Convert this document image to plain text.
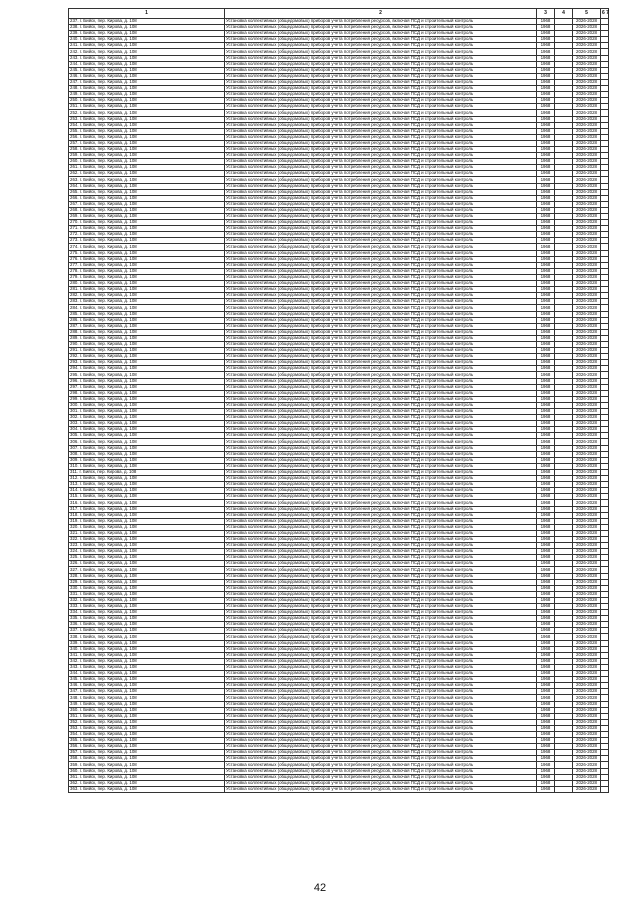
1	2	3	4	5	6 7
237. г. Бийск, пер. Кирова, д. 108	Установка коллективных (общедомовых) приборов учета потребления ресурсов, включая ПСД и строительный контроль	1968		2026-2028	
238. г. Бийск, пер. Кирова, д. 108	Установка коллективных (общедомовых) приборов учета потребления ресурсов, включая ПСД и строительный контроль	1968		2026-2028	
239. г. Бийск, пер. Кирова, д. 108	Установка коллективных (общедомовых) приборов учета потребления ресурсов, включая ПСД и строительный контроль	1968		2026-2028	
240. г. Бийск, пер. Кирова, д. 108	Установка коллективных (общедомовых) приборов учета потребления ресурсов, включая ПСД и строительный контроль	1968		2026-2028	
241. г. Бийск, пер. Кирова, д. 108	Установка коллективных (общедомовых) приборов учета потребления ресурсов, включая ПСД и строительный контроль	1968		2026-2028	
242. г. Бийск, пер. Кирова, д. 108	Установка коллективных (общедомовых) приборов учета потребления ресурсов, включая ПСД и строительный контроль	1968		2026-2028	
243. г. Бийск, пер. Кирова, д. 108	Установка коллективных (общедомовых) приборов учета потребления ресурсов, включая ПСД и строительный контроль	1968		2026-2028	
244. г. Бийск, пер. Кирова, д. 108	Установка коллективных (общедомовых) приборов учета потребления ресурсов, включая ПСД и строительный контроль	1968		2026-2028	
245. г. Бийск, пер. Кирова, д. 108	Установка коллективных (общедомовых) приборов учета потребления ресурсов, включая ПСД и строительный контроль	1968		2026-2028	
246. г. Бийск, пер. Кирова, д. 108	Установка коллективных (общедомовых) приборов учета потребления ресурсов, включая ПСД и строительный контроль	1968		2026-2028	
247. г. Бийск, пер. Кирова, д. 108	Установка коллективных (общедомовых) приборов учета потребления ресурсов, включая ПСД и строительный контроль	1968		2026-2028	
248. г. Бийск, пер. Кирова, д. 108	Установка коллективных (общедомовых) приборов учета потребления ресурсов, включая ПСД и строительный контроль	1968		2026-2028	
249. г. Бийск, пер. Кирова, д. 108	Установка коллективных (общедомовых) приборов учета потребления ресурсов, включая ПСД и строительный контроль	1968		2026-2028	
250. г. Бийск, пер. Кирова, д. 108	Установка коллективных (общедомовых) приборов учета потребления ресурсов, включая ПСД и строительный контроль	1968		2026-2028	
251. г. Бийск, пер. Кирова, д. 108	Установка коллективных (общедомовых) приборов учета потребления ресурсов, включая ПСД и строительный контроль	1968		2026-2028	
252. г. Бийск, пер. Кирова, д. 108	Установка коллективных (общедомовых) приборов учета потребления ресурсов, включая ПСД и строительный контроль	1968		2026-2028	
253. г. Бийск, пер. Кирова, д. 108	Установка коллективных (общедомовых) приборов учета потребления ресурсов, включая ПСД и строительный контроль	1968		2026-2028	
254. г. Бийск, пер. Кирова, д. 108	Установка коллективных (общедомовых) приборов учета потребления ресурсов, включая ПСД и строительный контроль	1968		2026-2028	
255. г. Бийск, пер. Кирова, д. 108	Установка коллективных (общедомовых) приборов учета потребления ресурсов, включая ПСД и строительный контроль	1968		2026-2028	
256. г. Бийск, пер. Кирова, д. 108	Установка коллективных (общедомовых) приборов учета потребления ресурсов, включая ПСД и строительный контроль	1968		2026-2028	
257. г. Бийск, пер. Кирова, д. 108	Установка коллективных (общедомовых) приборов учета потребления ресурсов, включая ПСД и строительный контроль	1968		2026-2028	
258. г. Бийск, пер. Кирова, д. 108	Установка коллективных (общедомовых) приборов учета потребления ресурсов, включая ПСД и строительный контроль	1968		2026-2028	
259. г. Бийск, пер. Кирова, д. 108	Установка коллективных (общедомовых) приборов учета потребления ресурсов, включая ПСД и строительный контроль	1968		2026-2028	
260. г. Бийск, пер. Кирова, д. 108	Установка коллективных (общедомовых) приборов учета потребления ресурсов, включая ПСД и строительный контроль	1968		2026-2028	
261. г. Бийск, пер. Кирова, д. 108	Установка коллективных (общедомовых) приборов учета потребления ресурсов, включая ПСД и строительный контроль	1968		2026-2028	
262. г. Бийск, пер. Кирова, д. 108	Установка коллективных (общедомовых) приборов учета потребления ресурсов, включая ПСД и строительный контроль	1968		2026-2028	
263. г. Бийск, пер. Кирова, д. 108	Установка коллективных (общедомовых) приборов учета потребления ресурсов, включая ПСД и строительный контроль	1968		2026-2028	
264. г. Бийск, пер. Кирова, д. 108	Установка коллективных (общедомовых) приборов учета потребления ресурсов, включая ПСД и строительный контроль	1968		2026-2028	
265. г. Бийск, пер. Кирова, д. 108	Установка коллективных (общедомовых) приборов учета потребления ресурсов, включая ПСД и строительный контроль	1968		2026-2028	
266. г. Бийск, пер. Кирова, д. 108	Установка коллективных (общедомовых) приборов учета потребления ресурсов, включая ПСД и строительный контроль	1968		2026-2028	
267. г. Бийск, пер. Кирова, д. 108	Установка коллективных (общедомовых) приборов учета потребления ресурсов, включая ПСД и строительный контроль	1968		2026-2028	
268. г. Бийск, пер. Кирова, д. 108	Установка коллективных (общедомовых) приборов учета потребления ресурсов, включая ПСД и строительный контроль	1968		2026-2028	
269. г. Бийск, пер. Кирова, д. 108	Установка коллективных (общедомовых) приборов учета потребления ресурсов, включая ПСД и строительный контроль	1968		2026-2028	
270. г. Бийск, пер. Кирова, д. 108	Установка коллективных (общедомовых) приборов учета потребления ресурсов, включая ПСД и строительный контроль	1968		2026-2028	
271. г. Бийск, пер. Кирова, д. 108	Установка коллективных (общедомовых) приборов учета потребления ресурсов, включая ПСД и строительный контроль	1968		2026-2028	
272. г. Бийск, пер. Кирова, д. 108	Установка коллективных (общедомовых) приборов учета потребления ресурсов, включая ПСД и строительный контроль	1968		2026-2028	
273. г. Бийск, пер. Кирова, д. 108	Установка коллективных (общедомовых) приборов учета потребления ресурсов, включая ПСД и строительный контроль	1968		2026-2028	
274. г. Бийск, пер. Кирова, д. 108	Установка коллективных (общедомовых) приборов учета потребления ресурсов, включая ПСД и строительный контроль	1968		2026-2028	
275. г. Бийск, пер. Кирова, д. 108	Установка коллективных (общедомовых) приборов учета потребления ресурсов, включая ПСД и строительный контроль	1968		2026-2028	
276. г. Бийск, пер. Кирова, д. 108	Установка коллективных (общедомовых) приборов учета потребления ресурсов, включая ПСД и строительный контроль	1968		2026-2028	
277. г. Бийск, пер. Кирова, д. 108	Установка коллективных (общедомовых) приборов учета потребления ресурсов, включая ПСД и строительный контроль	1968		2026-2028	
278. г. Бийск, пер. Кирова, д. 108	Установка коллективных (общедомовых) приборов учета потребления ресурсов, включая ПСД и строительный контроль	1968		2026-2028	
279. г. Бийск, пер. Кирова, д. 108	Установка коллективных (общедомовых) приборов учета потребления ресурсов, включая ПСД и строительный контроль	1968		2026-2028	
280. г. Бийск, пер. Кирова, д. 108	Установка коллективных (общедомовых) приборов учета потребления ресурсов, включая ПСД и строительный контроль	1968		2026-2028	
281. г. Бийск, пер. Кирова, д. 108	Установка коллективных (общедомовых) приборов учета потребления ресурсов, включая ПСД и строительный контроль	1968		2026-2028	
282. г. Бийск, пер. Кирова, д. 108	Установка коллективных (общедомовых) приборов учета потребления ресурсов, включая ПСД и строительный контроль	1968		2026-2028	
283. г. Бийск, пер. Кирова, д. 108	Установка коллективных (общедомовых) приборов учета потребления ресурсов, включая ПСД и строительный контроль	1968		2026-2028	
284. г. Бийск, пер. Кирова, д. 108	Установка коллективных (общедомовых) приборов учета потребления ресурсов, включая ПСД и строительный контроль	1968		2026-2028	
285. г. Бийск, пер. Кирова, д. 108	Установка коллективных (общедомовых) приборов учета потребления ресурсов, включая ПСД и строительный контроль	1968		2026-2028	
286. г. Бийск, пер. Кирова, д. 108	Установка коллективных (общедомовых) приборов учета потребления ресурсов, включая ПСД и строительный контроль	1968		2026-2028	
287. г. Бийск, пер. Кирова, д. 108	Установка коллективных (общедомовых) приборов учета потребления ресурсов, включая ПСД и строительный контроль	1968		2026-2028	
288. г. Бийск, пер. Кирова, д. 108	Установка коллективных (общедомовых) приборов учета потребления ресурсов, включая ПСД и строительный контроль	1968		2026-2028	
289. г. Бийск, пер. Кирова, д. 108	Установка коллективных (общедомовых) приборов учета потребления ресурсов, включая ПСД и строительный контроль	1968		2026-2028	
290. г. Бийск, пер. Кирова, д. 108	Установка коллективных (общедомовых) приборов учета потребления ресурсов, включая ПСД и строительный контроль	1968		2026-2028	
291. г. Бийск, пер. Кирова, д. 108	Установка коллективных (общедомовых) приборов учета потребления ресурсов, включая ПСД и строительный контроль	1968		2026-2028	
292. г. Бийск, пер. Кирова, д. 108	Установка коллективных (общедомовых) приборов учета потребления ресурсов, включая ПСД и строительный контроль	1968		2026-2028	
293. г. Бийск, пер. Кирова, д. 108	Установка коллективных (общедомовых) приборов учета потребления ресурсов, включая ПСД и строительный контроль	1968		2026-2028	
294. г. Бийск, пер. Кирова, д. 108	Установка коллективных (общедомовых) приборов учета потребления ресурсов, включая ПСД и строительный контроль	1968		2026-2028	
295. г. Бийск, пер. Кирова, д. 108	Установка коллективных (общедомовых) приборов учета потребления ресурсов, включая ПСД и строительный контроль	1968		2026-2028	
296. г. Бийск, пер. Кирова, д. 108	Установка коллективных (общедомовых) приборов учета потребления ресурсов, включая ПСД и строительный контроль	1968		2026-2028	
297. г. Бийск, пер. Кирова, д. 108	Установка коллективных (общедомовых) приборов учета потребления ресурсов, включая ПСД и строительный контроль	1968		2026-2028	
298. г. Бийск, пер. Кирова, д. 108	Установка коллективных (общедомовых) приборов учета потребления ресурсов, включая ПСД и строительный контроль	1968		2026-2028	
299. г. Бийск, пер. Кирова, д. 108	Установка коллективных (общедомовых) приборов учета потребления ресурсов, включая ПСД и строительный контроль	1968		2026-2028	
300. г. Бийск, пер. Кирова, д. 108	Установка коллективных (общедомовых) приборов учета потребления ресурсов, включая ПСД и строительный контроль	1968		2026-2028	
301. г. Бийск, пер. Кирова, д. 108	Установка коллективных (общедомовых) приборов учета потребления ресурсов, включая ПСД и строительный контроль	1968		2026-2028	
302. г. Бийск, пер. Кирова, д. 108	Установка коллективных (общедомовых) приборов учета потребления ресурсов, включая ПСД и строительный контроль	1968		2026-2028	
303. г. Бийск, пер. Кирова, д. 108	Установка коллективных (общедомовых) приборов учета потребления ресурсов, включая ПСД и строительный контроль	1968		2026-2028	
304. г. Бийск, пер. Кирова, д. 108	Установка коллективных (общедомовых) приборов учета потребления ресурсов, включая ПСД и строительный контроль	1968		2026-2028	
305. г. Бийск, пер. Кирова, д. 108	Установка коллективных (общедомовых) приборов учета потребления ресурсов, включая ПСД и строительный контроль	1968		2026-2028	
306. г. Бийск, пер. Кирова, д. 108	Установка коллективных (общедомовых) приборов учета потребления ресурсов, включая ПСД и строительный контроль	1968		2026-2028	
307. г. Бийск, пер. Кирова, д. 108	Установка коллективных (общедомовых) приборов учета потребления ресурсов, включая ПСД и строительный контроль	1968		2026-2028	
308. г. Бийск, пер. Кирова, д. 108	Установка коллективных (общедомовых) приборов учета потребления ресурсов, включая ПСД и строительный контроль	1968		2026-2028	
309. г. Бийск, пер. Кирова, д. 108	Установка коллективных (общедомовых) приборов учета потребления ресурсов, включая ПСД и строительный контроль	1968		2026-2028	
310. г. Бийск, пер. Кирова, д. 108	Установка коллективных (общедомовых) приборов учета потребления ресурсов, включая ПСД и строительный контроль	1968		2026-2028	
311. г. Бийск, пер. Кирова, д. 108	Установка коллективных (общедомовых) приборов учета потребления ресурсов, включая ПСД и строительный контроль	1968		2026-2028	
312. г. Бийск, пер. Кирова, д. 108	Установка коллективных (общедомовых) приборов учета потребления ресурсов, включая ПСД и строительный контроль	1968		2026-2028	
313. г. Бийск, пер. Кирова, д. 108	Установка коллективных (общедомовых) приборов учета потребления ресурсов, включая ПСД и строительный контроль	1968		2026-2028	
314. г. Бийск, пер. Кирова, д. 108	Установка коллективных (общедомовых) приборов учета потребления ресурсов, включая ПСД и строительный контроль	1968		2026-2028	
315. г. Бийск, пер. Кирова, д. 108	Установка коллективных (общедомовых) приборов учета потребления ресурсов, включая ПСД и строительный контроль	1968		2026-2028	
316. г. Бийск, пер. Кирова, д. 108	Установка коллективных (общедомовых) приборов учета потребления ресурсов, включая ПСД и строительный контроль	1968		2026-2028	
317. г. Бийск, пер. Кирова, д. 108	Установка коллективных (общедомовых) приборов учета потребления ресурсов, включая ПСД и строительный контроль	1968		2026-2028	
318. г. Бийск, пер. Кирова, д. 108	Установка коллективных (общедомовых) приборов учета потребления ресурсов, включая ПСД и строительный контроль	1968		2026-2028	
319. г. Бийск, пер. Кирова, д. 108	Установка коллективных (общедомовых) приборов учета потребления ресурсов, включая ПСД и строительный контроль	1968		2026-2028	
320. г. Бийск, пер. Кирова, д. 108	Установка коллективных (общедомовых) приборов учета потребления ресурсов, включая ПСД и строительный контроль	1968		2026-2028	
321. г. Бийск, пер. Кирова, д. 108	Установка коллективных (общедомовых) приборов учета потребления ресурсов, включая ПСД и строительный контроль	1968		2026-2028	
322. г. Бийск, пер. Кирова, д. 108	Установка коллективных (общедомовых) приборов учета потребления ресурсов, включая ПСД и строительный контроль	1968		2026-2028	
323. г. Бийск, пер. Кирова, д. 108	Установка коллективных (общедомовых) приборов учета потребления ресурсов, включая ПСД и строительный контроль	1968		2026-2028	
324. г. Бийск, пер. Кирова, д. 108	Установка коллективных (общедомовых) приборов учета потребления ресурсов, включая ПСД и строительный контроль	1968		2026-2028	
325. г. Бийск, пер. Кирова, д. 108	Установка коллективных (общедомовых) приборов учета потребления ресурсов, включая ПСД и строительный контроль	1968		2026-2028	
326. г. Бийск, пер. Кирова, д. 108	Установка коллективных (общедомовых) приборов учета потребления ресурсов, включая ПСД и строительный контроль	1968		2026-2028	
327. г. Бийск, пер. Кирова, д. 108	Установка коллективных (общедомовых) приборов учета потребления ресурсов, включая ПСД и строительный контроль	1968		2026-2028	
328. г. Бийск, пер. Кирова, д. 108	Установка коллективных (общедомовых) приборов учета потребления ресурсов, включая ПСД и строительный контроль	1968		2026-2028	
329. г. Бийск, пер. Кирова, д. 108	Установка коллективных (общедомовых) приборов учета потребления ресурсов, включая ПСД и строительный контроль	1968		2026-2028	
330. г. Бийск, пер. Кирова, д. 108	Установка коллективных (общедомовых) приборов учета потребления ресурсов, включая ПСД и строительный контроль	1968		2026-2028	
331. г. Бийск, пер. Кирова, д. 108	Установка коллективных (общедомовых) приборов учета потребления ресурсов, включая ПСД и строительный контроль	1968		2026-2028	
332. г. Бийск, пер. Кирова, д. 108	Установка коллективных (общедомовых) приборов учета потребления ресурсов, включая ПСД и строительный контроль	1968		2026-2028	
333. г. Бийск, пер. Кирова, д. 108	Установка коллективных (общедомовых) приборов учета потребления ресурсов, включая ПСД и строительный контроль	1968		2026-2028	
334. г. Бийск, пер. Кирова, д. 108	Установка коллективных (общедомовых) приборов учета потребления ресурсов, включая ПСД и строительный контроль	1968		2026-2028	
335. г. Бийск, пер. Кирова, д. 108	Установка коллективных (общедомовых) приборов учета потребления ресурсов, включая ПСД и строительный контроль	1968		2026-2028	
336. г. Бийск, пер. Кирова, д. 108	Установка коллективных (общедомовых) приборов учета потребления ресурсов, включая ПСД и строительный контроль	1968		2026-2028	
337. г. Бийск, пер. Кирова, д. 108	Установка коллективных (общедомовых) приборов учета потребления ресурсов, включая ПСД и строительный контроль	1968		2026-2028	
338. г. Бийск, пер. Кирова, д. 108	Установка коллективных (общедомовых) приборов учета потребления ресурсов, включая ПСД и строительный контроль	1968		2026-2028	
339. г. Бийск, пер. Кирова, д. 108	Установка коллективных (общедомовых) приборов учета потребления ресурсов, включая ПСД и строительный контроль	1968		2026-2028	
340. г. Бийск, пер. Кирова, д. 108	Установка коллективных (общедомовых) приборов учета потребления ресурсов, включая ПСД и строительный контроль	1968		2026-2028	
341. г. Бийск, пер. Кирова, д. 108	Установка коллективных (общедомовых) приборов учета потребления ресурсов, включая ПСД и строительный контроль	1968		2026-2028	
342. г. Бийск, пер. Кирова, д. 108	Установка коллективных (общедомовых) приборов учета потребления ресурсов, включая ПСД и строительный контроль	1968		2026-2028	
343. г. Бийск, пер. Кирова, д. 108	Установка коллективных (общедомовых) приборов учета потребления ресурсов, включая ПСД и строительный контроль	1968		2026-2028	
344. г. Бийск, пер. Кирова, д. 108	Установка коллективных (общедомовых) приборов учета потребления ресурсов, включая ПСД и строительный контроль	1968		2026-2028	
345. г. Бийск, пер. Кирова, д. 108	Установка коллективных (общедомовых) приборов учета потребления ресурсов, включая ПСД и строительный контроль	1968		2026-2028	
346. г. Бийск, пер. Кирова, д. 108	Установка коллективных (общедомовых) приборов учета потребления ресурсов, включая ПСД и строительный контроль	1968		2026-2028	
347. г. Бийск, пер. Кирова, д. 108	Установка коллективных (общедомовых) приборов учета потребления ресурсов, включая ПСД и строительный контроль	1968		2026-2028	
348. г. Бийск, пер. Кирова, д. 108	Установка коллективных (общедомовых) приборов учета потребления ресурсов, включая ПСД и строительный контроль	1968		2026-2028	
349. г. Бийск, пер. Кирова, д. 108	Установка коллективных (общедомовых) приборов учета потребления ресурсов, включая ПСД и строительный контроль	1968		2026-2028	
350. г. Бийск, пер. Кирова, д. 108	Установка коллективных (общедомовых) приборов учета потребления ресурсов, включая ПСД и строительный контроль	1968		2026-2028	
351. г. Бийск, пер. Кирова, д. 108	Установка коллективных (общедомовых) приборов учета потребления ресурсов, включая ПСД и строительный контроль	1968		2026-2028	
352. г. Бийск, пер. Кирова, д. 108	Установка коллективных (общедомовых) приборов учета потребления ресурсов, включая ПСД и строительный контроль	1968		2026-2028	
353. г. Бийск, пер. Кирова, д. 108	Установка коллективных (общедомовых) приборов учета потребления ресурсов, включая ПСД и строительный контроль	1968		2026-2028	
354. г. Бийск, пер. Кирова, д. 108	Установка коллективных (общедомовых) приборов учета потребления ресурсов, включая ПСД и строительный контроль	1968		2026-2028	
355. г. Бийск, пер. Кирова, д. 108	Установка коллективных (общедомовых) приборов учета потребления ресурсов, включая ПСД и строительный контроль	1968		2026-2028	
356. г. Бийск, пер. Кирова, д. 108	Установка коллективных (общедомовых) приборов учета потребления ресурсов, включая ПСД и строительный контроль	1968		2026-2028	
357. г. Бийск, пер. Кирова, д. 108	Установка коллективных (общедомовых) приборов учета потребления ресурсов, включая ПСД и строительный контроль	1968		2026-2028	
358. г. Бийск, пер. Кирова, д. 108	Установка коллективных (общедомовых) приборов учета потребления ресурсов, включая ПСД и строительный контроль	1968		2026-2028	
359. г. Бийск, пер. Кирова, д. 108	Установка коллективных (общедомовых) приборов учета потребления ресурсов, включая ПСД и строительный контроль	1968		2026-2028	
360. г. Бийск, пер. Кирова, д. 108	Установка коллективных (общедомовых) приборов учета потребления ресурсов, включая ПСД и строительный контроль	1968		2026-2028	
361. г. Бийск, пер. Кирова, д. 108	Установка коллективных (общедомовых) приборов учета потребления ресурсов, включая ПСД и строительный контроль	1968		2026-2028	
362. г. Бийск, пер. Кирова, д. 108	Установка коллективных (общедомовых) приборов учета потребления ресурсов, включая ПСД и строительный контроль	1968		2026-2028	
363. г. Бийск, пер. Кирова, д. 108	Установка коллективных (общедомовых) приборов учета потребления ресурсов, включая ПСД и строительный контроль	1968		2026-2028	
42
